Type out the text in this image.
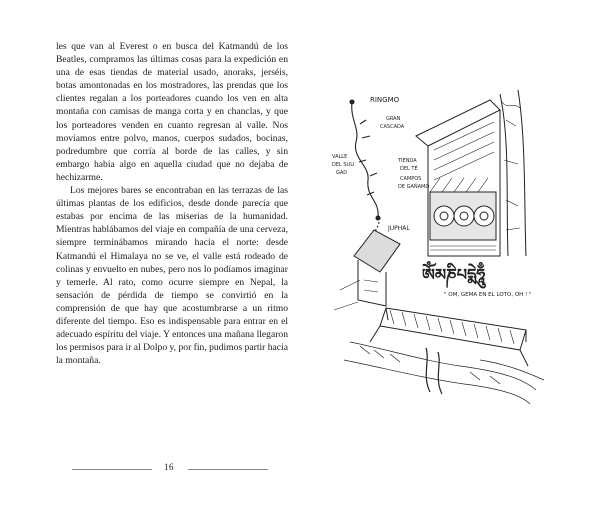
les que van al Everest o en busca del Katmandú de los Beatles, compramos las últimas cosas para la expedición en una de esas tiendas de material usado, anoraks, jerséis, botas amontonadas en los mostradores, las prendas que los clientes regalan a los porteadores cuando los ven en alta montaña con camisas de manga corta y en chanclas, y que los porteadores venden en cuanto regresan al valle. Nos movíamos entre polvo, manos, cuerpos sudados, bocinas, podredumbre que corría al borde de las calles, y sin embargo había algo en aquella ciudad que no dejaba de hechizarme.

Los mejores bares se encontraban en las terrazas de las últimas plantas de los edificios, desde donde parecía que estabas por encima de las miserias de la humanidad. Mientras hablábamos del viaje en compañía de una cerveza, siempre terminábamos mirando hacia el norte: desde Katmandú el Himalaya no se ve, el valle está rodeado de colinas y envuelto en nubes, pero nos lo podíamos imaginar y temerle. Al rato, como ocurre siempre en Nepal, la sensación de pérdida de tiempo se convirtió en la comprensión de que hay que acostumbrarse a un ritmo diferente del tiempo. Eso es indispensable para entrar en el adecuado espíritu del viaje. Y entonces una mañana llegaron los permisos para ir al Dolpo y, por fin, pudimos partir hacia la montaña.

16
RINGMO
GRAN
CASCADA
VALLE
DEL SULI
GAD
TIENDA
DEL TÉ
CAMPOS
DE GAÑAMO
JUPHAL
ཨོཾམཎིཔདྨེཧཱུྃ
" OM, GEMA EN EL LOTO, OH ! "
